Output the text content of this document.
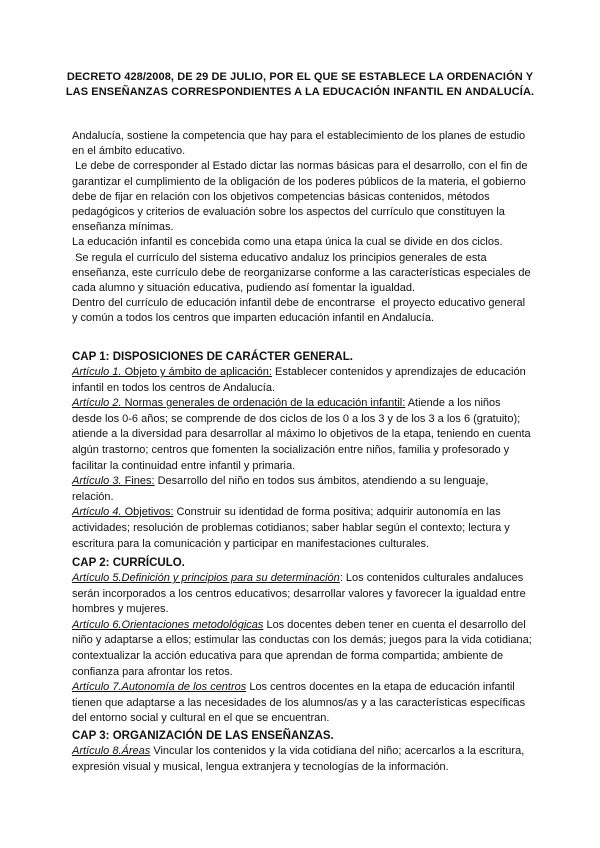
DECRETO 428/2008, DE 29 DE JULIO, POR EL QUE SE ESTABLECE LA ORDENACIÓN Y LAS ENSEÑANZAS CORRESPONDIENTES A LA EDUCACIÓN INFANTIL EN ANDALUCÍA.

Andalucía, sostiene la competencia que hay para el establecimiento de los planes de estudio en el ámbito educativo.

Le debe de corresponder al Estado dictar las normas básicas para el desarrollo, con el fin de garantizar el cumplimiento de la obligación de los poderes públicos de la materia, el gobierno debe de fijar en relación con los objetivos competencias básicas contenidos, métodos pedagógicos y criterios de evaluación sobre los aspectos del currículo que constituyen la enseñanza mínimas.

La educación infantil es concebida como una etapa única la cual se divide en dos ciclos.

Se regula el currículo del sistema educativo andaluz los principios generales de esta enseñanza, este currículo debe de reorganizarse conforme a las características especiales de cada alumno y situación educativa, pudiendo así fomentar la igualdad.

Dentro del currículo de educación infantil debe de encontrarse  el proyecto educativo general y común a todos los centros que imparten educación infantil en Andalucía.

CAP 1: DISPOSICIONES DE CARÁCTER GENERAL.

Artículo 1. Objeto y ámbito de aplicación: Establecer contenidos y aprendizajes de educación infantil en todos los centros de Andalucía.

Artículo 2. Normas generales de ordenación de la educación infantil: Atiende a los niños desde los 0-6 años; se comprende de dos ciclos de los 0 a los 3 y de los 3 a los 6 (gratuito); atiende a la diversidad para desarrollar al máximo lo objetivos de la etapa, teniendo en cuenta algún trastorno; centros que fomenten la socialización entre niños, familia y profesorado y facilitar la continuidad entre infantil y primaria.

Artículo 3. Fines: Desarrollo del niño en todos sus ámbitos, atendiendo a su lenguaje, relación.

Artículo 4. Objetivos: Construir su identidad de forma positiva; adquirir autonomía en las actividades; resolución de problemas cotidianos; saber hablar según el contexto; lectura y escritura para la comunicación y participar en manifestaciones culturales.

CAP 2: CURRÍCULO.

Artículo 5.Definición y principios para su determinación: Los contenidos culturales andaluces serán incorporados a los centros educativos; desarrollar valores y favorecer la igualdad entre hombres y mujeres.

Artículo 6.Orientaciones metodológicas Los docentes deben tener en cuenta el desarrollo del niño y adaptarse a ellos; estimular las conductas con los demás; juegos para la vida cotidiana; contextualizar la acción educativa para que aprendan de forma compartida; ambiente de confianza para afrontar los retos.

Artículo 7.Autonomía de los centros Los centros docentes en la etapa de educación infantil tienen que adaptarse a las necesidades de los alumnos/as y a las características específicas del entorno social y cultural en el que se encuentran.

CAP 3: ORGANIZACIÓN DE LAS ENSEÑANZAS.

Artículo 8.Áreas Vincular los contenidos y la vida cotidiana del niño; acercarlos a la escritura, expresión visual y musical, lengua extranjera y tecnologías de la información.
